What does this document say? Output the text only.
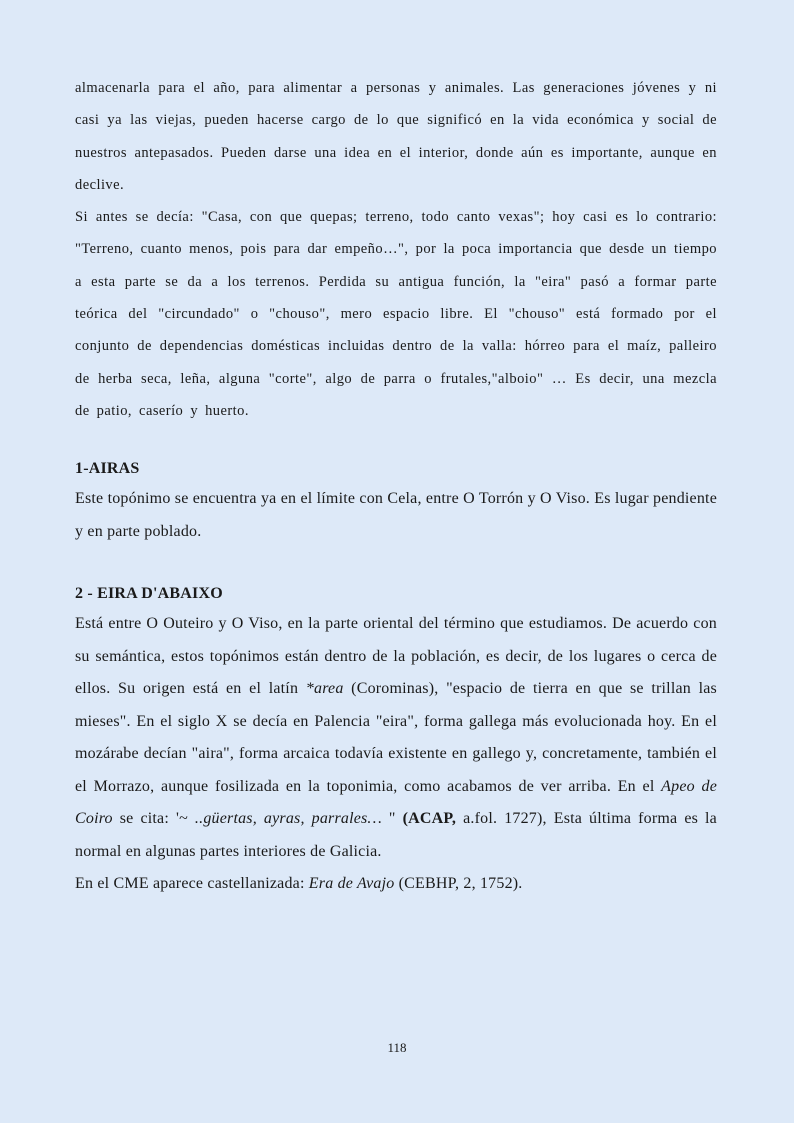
almacenarla para el año, para alimentar a personas y animales. Las generaciones jóvenes y ni casi ya las viejas, pueden hacerse cargo de lo que significó en la vida económica y social de nuestros antepasados. Pueden darse una idea en el interior, donde aún es importante, aunque en declive.

Si antes se decía: "Casa, con que quepas; terreno, todo canto vexas"; hoy casi es lo contrario: "Terreno, cuanto menos, pois para dar empeño…", por la poca importancia que desde un tiempo a esta parte se da a los terrenos. Perdida su antigua función, la "eira" pasó a formar parte teórica del "circundado" o "chouso", mero espacio libre. El "chouso" está formado por el conjunto de dependencias domésticas incluidas dentro de la valla: hórreo para el maíz, palleiro de herba seca, leña, alguna "corte", algo de parra o frutales,"alboio" … Es decir, una mezcla de patio, caserío y huerto.

1-AIRAS

Este topónimo se encuentra ya en el límite con Cela, entre O Torrón y O Viso. Es lugar pendiente y en parte poblado.

2 - EIRA D'ABAIXO

Está entre O Outeiro y O Viso, en la parte oriental del término que estudiamos. De acuerdo con su semántica, estos topónimos están dentro de la población, es decir, de los lugares o cerca de ellos. Su origen está en el latín *area (Corominas), "espacio de tierra en que se trillan las mieses". En el siglo X se decía en Palencia "eira", forma gallega más evolucionada hoy. En el mozárabe decían "aira", forma arcaica todavía existente en gallego y, concretamente, también el el Morrazo, aunque fosilizada en la toponimia, como acabamos de ver arriba. En el Apeo de Coiro se cita: '~ ..güertas, ayras, parrales… " (ACAP, a.fol. 1727), Esta última forma es la normal en algunas partes interiores de Galicia.

En el CME aparece castellanizada: Era de Avajo (CEBHP, 2, 1752).

118
